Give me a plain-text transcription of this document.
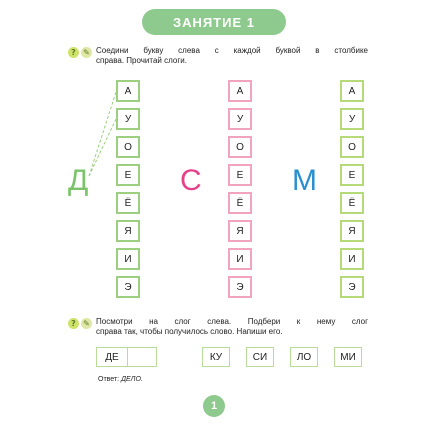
ЗАНЯТИЕ 1
? ✎ Соедини букву слева с каждой буквой в столбике
справа. Прочитай слоги.
Д	С	М
А
У
О
Е
Ё
Я
И
Э
А
У
О
Е
Ё
Я
И
Э
А
У
О
Е
Ё
Я
И
Э
? ✎ Посмотри на слог слева. Подбери к нему слог
справа так, чтобы получилось слово. Напиши его.
ДЕ	КУ	СИ	ЛО	МИ
Ответ: ДЕЛО.
1
